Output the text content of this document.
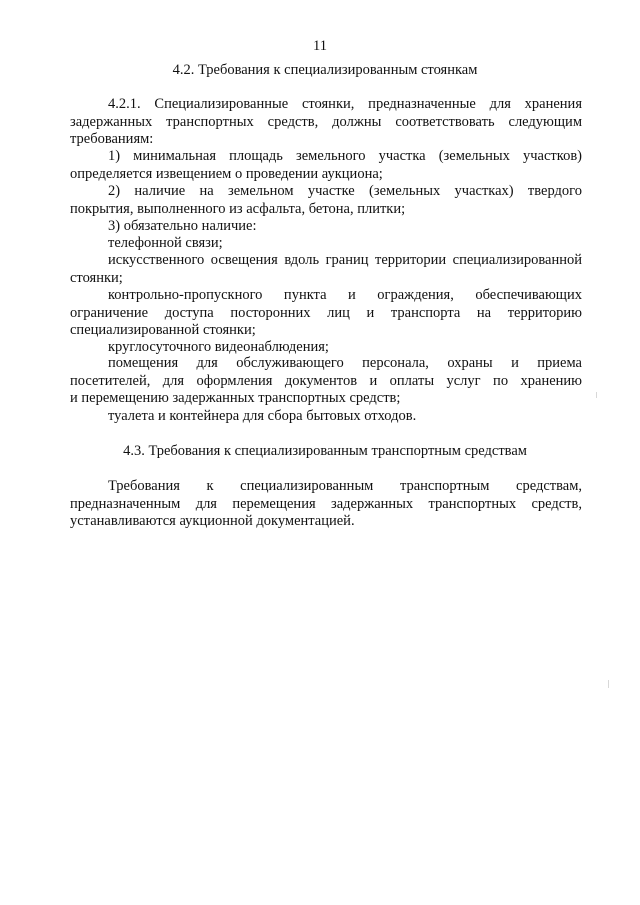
11
4.2. Требования к специализированным стоянкам
4.2.1. Специализированные стоянки, предназначенные для хранения
задержанных транспортных средств, должны соответствовать следующим
требованиям:
1) минимальная площадь земельного участка (земельных участков)
определяется извещением о проведении аукциона;
2) наличие на земельном участке (земельных участках) твердого
покрытия, выполненного из асфальта, бетона, плитки;
3) обязательно наличие:
телефонной связи;
искусственного освещения вдоль границ территории специализированной
стоянки;
контрольно-пропускного пункта и ограждения, обеспечивающих
ограничение доступа посторонних лиц и транспорта на территорию
специализированной стоянки;
круглосуточного видеонаблюдения;
помещения для обслуживающего персонала, охраны и приема
посетителей, для оформления документов и оплаты услуг по хранению
и перемещению задержанных транспортных средств;
туалета и контейнера для сбора бытовых отходов.
4.3. Требования к специализированным транспортным средствам
Требования к специализированным транспортным средствам,
предназначенным для перемещения задержанных транспортных средств,
устанавливаются аукционной документацией.
